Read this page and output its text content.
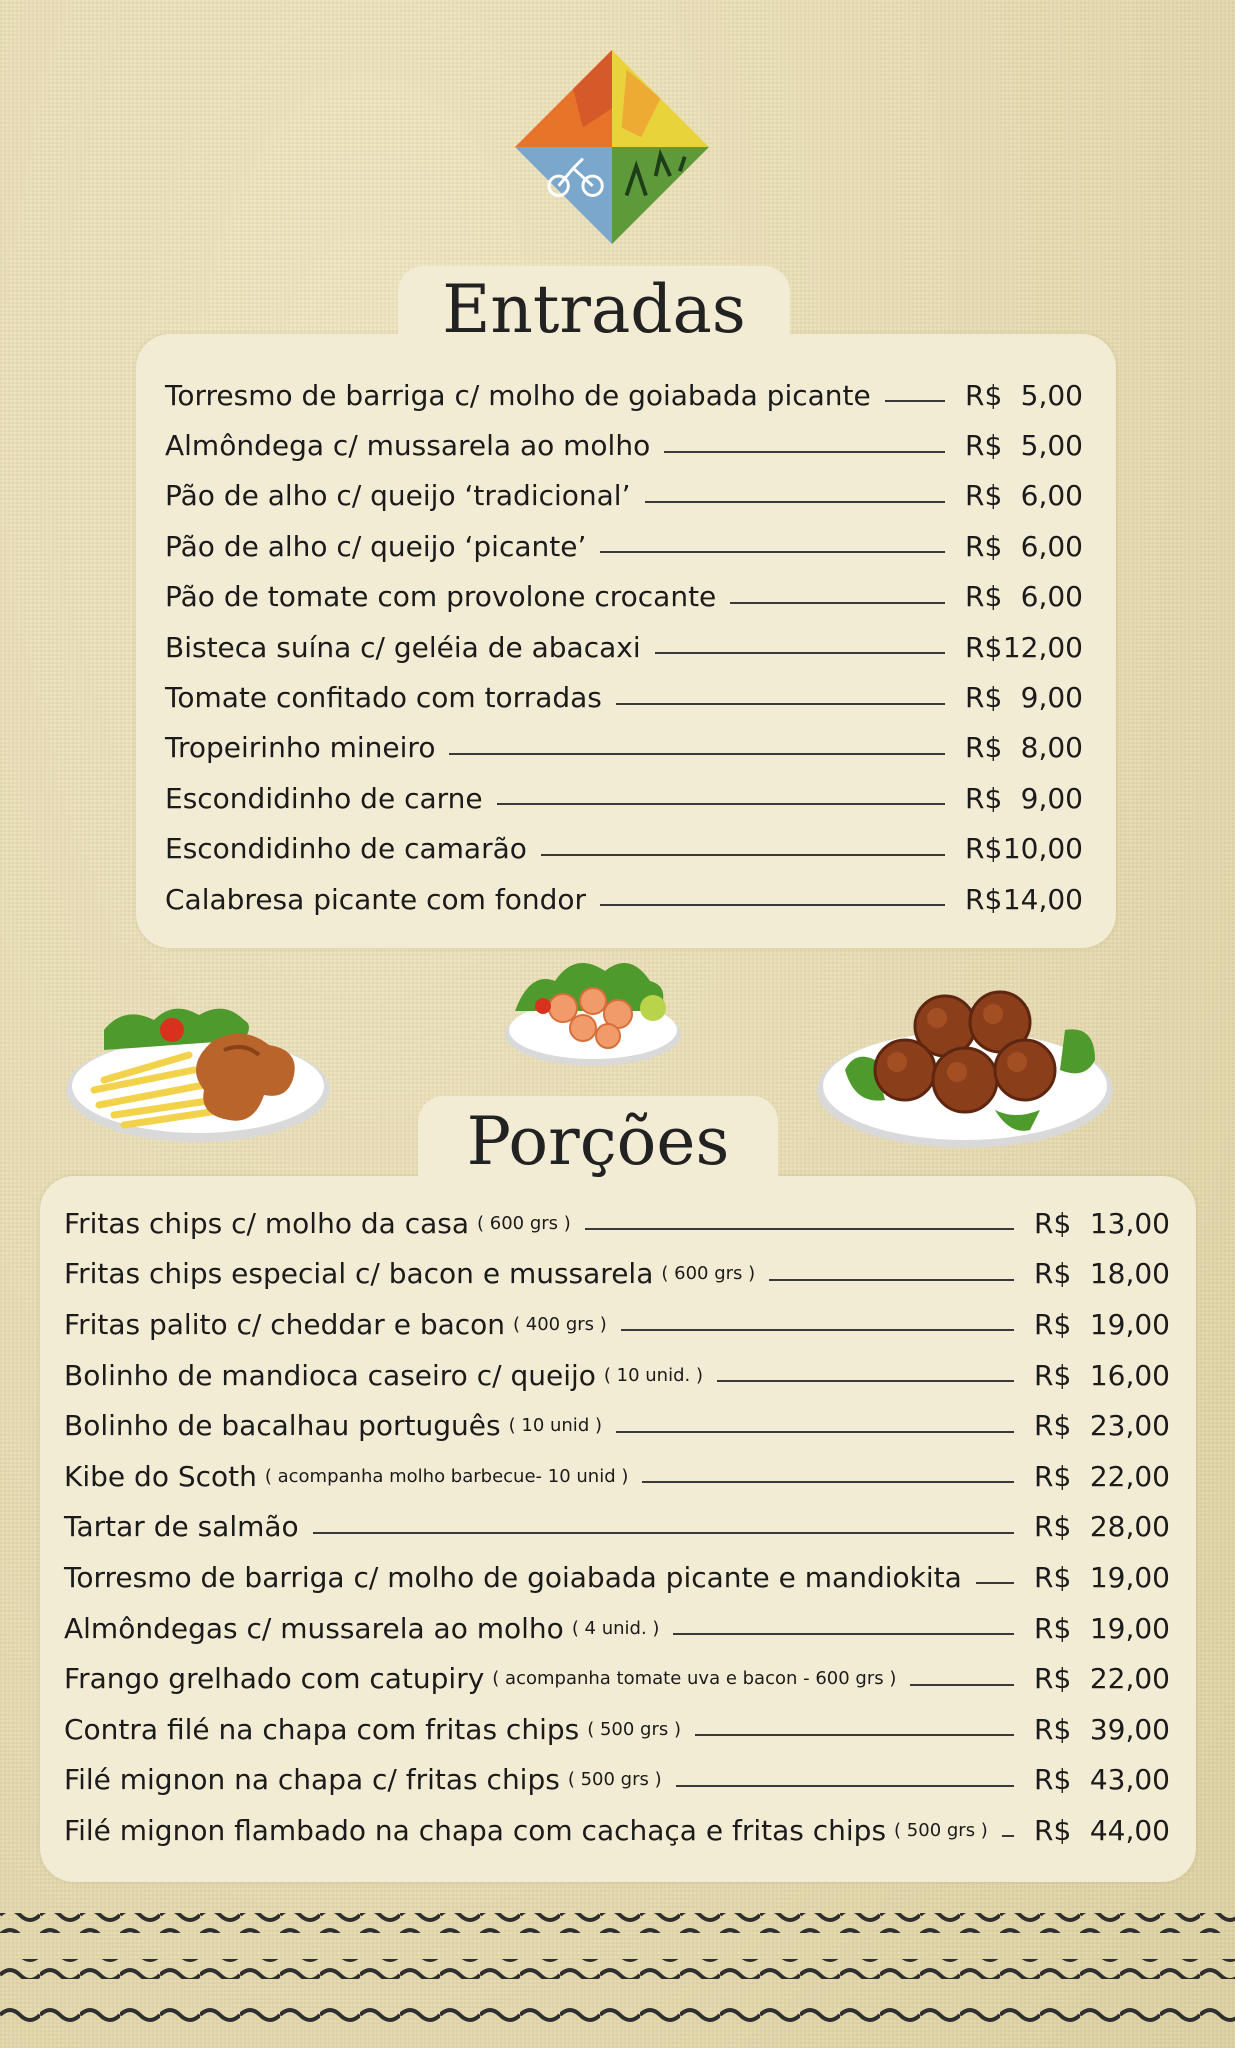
Entradas
Torresmo de barriga c/ molho de goiabada picante	R$ 5,00
Almôndega c/ mussarela ao molho	R$ 5,00
Pão de alho c/ queijo ‘tradicional’	R$ 6,00
Pão de alho c/ queijo ‘picante’	R$ 6,00
Pão de tomate com provolone crocante	R$ 6,00
Bisteca suína c/ geléia de abacaxi	R$ 12,00
Tomate confitado com torradas	R$ 9,00
Tropeirinho mineiro	R$ 8,00
Escondidinho de carne	R$ 9,00
Escondidinho de camarão	R$ 10,00
Calabresa picante com fondor	R$ 14,00
Porções
Fritas chips c/ molho da casa ( 600 grs )	R$ 13,00
Fritas chips especial c/ bacon e mussarela ( 600 grs )	R$ 18,00
Fritas palito c/ cheddar e bacon ( 400 grs )	R$ 19,00
Bolinho de mandioca caseiro c/ queijo ( 10 unid. )	R$ 16,00
Bolinho de bacalhau português ( 10 unid )	R$ 23,00
Kibe do Scoth ( acompanha molho barbecue- 10 unid )	R$ 22,00
Tartar de salmão	R$ 28,00
Torresmo de barriga c/ molho de goiabada picante e mandiokita	R$ 19,00
Almôndegas c/ mussarela ao molho ( 4 unid. )	R$ 19,00
Frango grelhado com catupiry ( acompanha tomate uva e bacon - 600 grs )	R$ 22,00
Contra filé na chapa com fritas chips ( 500 grs )	R$ 39,00
Filé mignon na chapa c/ fritas chips ( 500 grs )	R$ 43,00
Filé mignon flambado na chapa com cachaça e fritas chips ( 500 grs ) R$ 44,00
